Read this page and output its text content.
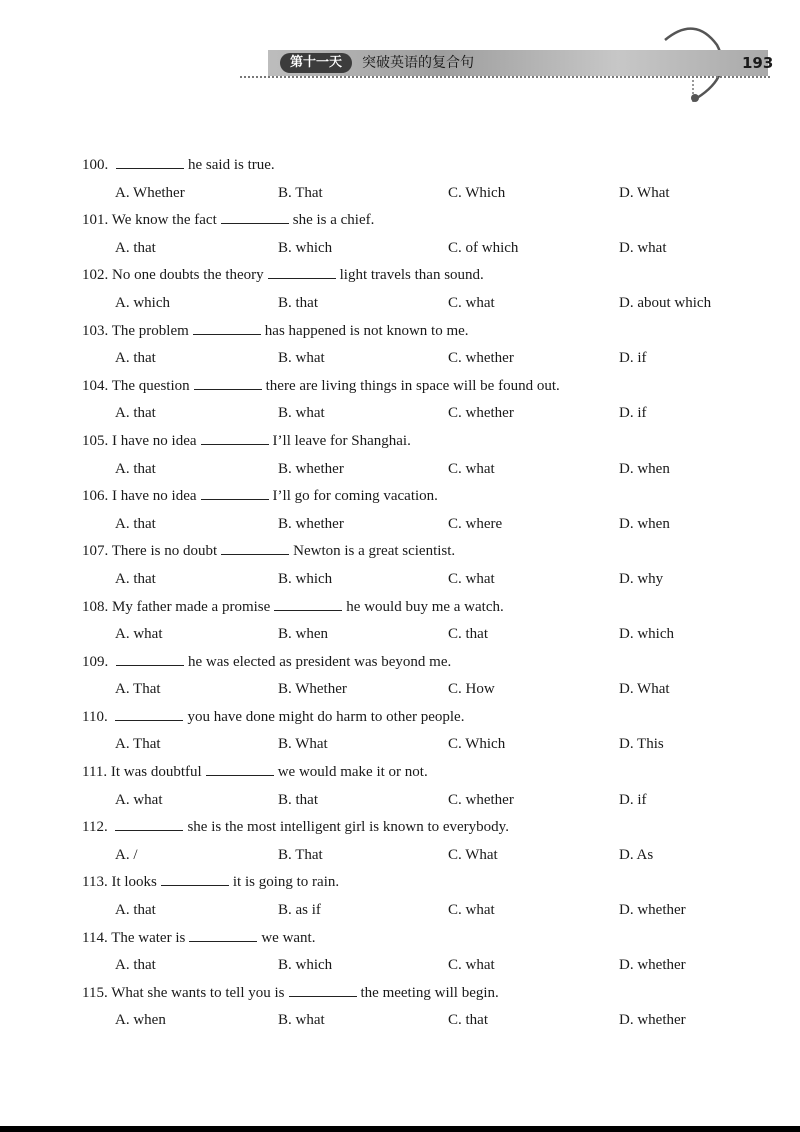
第十一天	突破英语的复合句	193
100.	he said is true.
A. Whether	B. That	C. Which	D. What
101. We know the fact	she is a chief.
A. that	B. which	C. of which	D. what
102. No one doubts the theory	light travels than sound.
A. which	B. that	C. what	D. about which
103. The problem	has happened is not known to me.
A. that	B. what	C. whether	D. if
104. The question	there are living things in space will be found out.
A. that	B. what	C. whether	D. if
105. I have no idea	I’ll leave for Shanghai.
A. that	B. whether	C. what	D. when
106. I have no idea	I’ll go for coming vacation.
A. that	B. whether	C. where	D. when
107. There is no doubt	Newton is a great scientist.
A. that	B. which	C. what	D. why
108. My father made a promise	he would buy me a watch.
A. what	B. when	C. that	D. which
109.	he was elected as president was beyond me.
A. That	B. Whether	C. How	D. What
110.	you have done might do harm to other people.
A. That	B. What	C. Which	D. This
111. It was doubtful	we would make it or not.
A. what	B. that	C. whether	D. if
112.	she is the most intelligent girl is known to everybody.
A. /	B. That	C. What	D. As
113. It looks	it is going to rain.
A. that	B. as if	C. what	D. whether
114. The water is	we want.
A. that	B. which	C. what	D. whether
115. What she wants to tell you is	the meeting will begin.
A. when	B. what	C. that	D. whether
